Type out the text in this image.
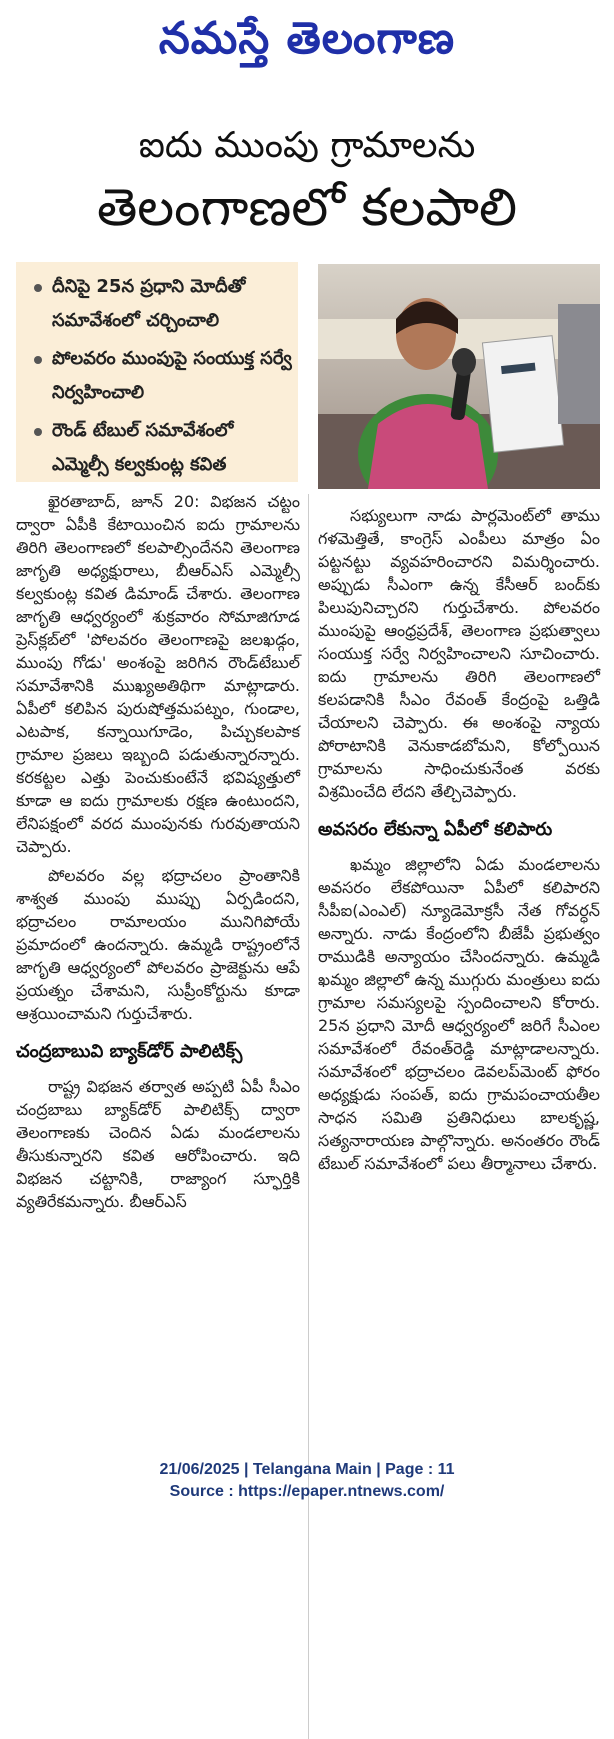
నమస్తే తెలంగాణ
ఐదు ముంపు గ్రామాలను
తెలంగాణలో కలపాలి
దీనిపై 25న ప్రధాని మోదీతో సమావేశంలో చర్చించాలి
పోలవరం ముంపుపై సంయుక్త సర్వే నిర్వహించాలి
రౌండ్ టేబుల్ సమావేశంలో ఎమ్మెల్సీ కల్వకుంట్ల కవిత

ఖైరతాబాద్, జూన్ 20: విభజన చట్టం ద్వారా ఏపీకి కేటాయించిన ఐదు గ్రామాలను తిరిగి తెలంగాణలో కలపాల్సిందేనని తెలంగాణ జాగృతి అధ్యక్షురాలు, బీఆర్ఎస్ ఎమ్మెల్సీ కల్వకుంట్ల కవిత డిమాండ్ చేశారు. తెలంగాణ జాగృతి ఆధ్వర్యంలో శుక్రవారం సోమాజిగూడ ప్రెస్‌క్లబ్‌లో 'పోలవరం తెలంగాణపై జలఖడ్గం, ముంపు గోడు' అంశంపై జరిగిన రౌండ్‌టేబుల్ సమావేశానికి ముఖ్యఅతిథిగా మాట్లాడారు. ఏపీలో కలిపిన పురుషోత్తమపట్నం, గుండాల, ఎటపాక, కన్నాయిగూడెం, పిచ్చుకలపాక గ్రామాల ప్రజలు ఇబ్బంది పడుతున్నారన్నారు. కరకట్టల ఎత్తు పెంచుకుంటేనే భవిష్యత్తులో కూడా ఆ ఐదు గ్రామాలకు రక్షణ ఉంటుందని, లేనిపక్షంలో వరద ముంపునకు గురవుతాయని చెప్పారు.

పోలవరం వల్ల భద్రాచలం ప్రాంతానికి శాశ్వత ముంపు ముప్పు ఏర్పడిందని, భద్రాచలం రామాలయం మునిగిపోయే ప్రమాదంలో ఉందన్నారు. ఉమ్మడి రాష్ట్రంలోనే జాగృతి ఆధ్వర్యంలో పోలవరం ప్రాజెక్టును ఆపే ప్రయత్నం చేశామని, సుప్రీంకోర్టును కూడా ఆశ్రయించామని గుర్తుచేశారు.

చంద్రబాబువి బ్యాక్‌డోర్ పాలిటిక్స్

రాష్ట్ర విభజన తర్వాత అప్పటి ఏపీ సీఎం చంద్రబాబు బ్యాక్‌డోర్ పాలిటిక్స్ ద్వారా తెలంగాణకు చెందిన ఏడు మండలాలను తీసుకున్నారని కవిత ఆరోపించారు. ఇది విభజన చట్టానికి, రాజ్యాంగ స్ఫూర్తికి వ్యతిరేకమన్నారు. బీఆర్ఎస్

సభ్యులుగా నాడు పార్లమెంట్‌లో తాము గళమెత్తితే, కాంగ్రెస్ ఎంపీలు మాత్రం ఏం పట్టనట్టు వ్యవహరించారని విమర్శించారు. అప్పుడు సీఎంగా ఉన్న కేసీఆర్ బంద్‌కు పిలుపునిచ్చారని గుర్తుచేశారు. పోలవరం ముంపుపై ఆంధ్రప్రదేశ్, తెలంగాణ ప్రభుత్వాలు సంయుక్త సర్వే నిర్వహించాలని సూచించారు. ఐదు గ్రామాలను తిరిగి తెలంగాణలో కలపడానికి సీఎం రేవంత్ కేంద్రంపై ఒత్తిడి చేయాలని చెప్పారు. ఈ అంశంపై న్యాయ పోరాటానికి వెనుకాడబోమని, కోల్పోయిన గ్రామాలను సాధించుకునేంత వరకు విశ్రమించేది లేదని తేల్చిచెప్పారు.

అవసరం లేకున్నా ఏపీలో కలిపారు

ఖమ్మం జిల్లాలోని ఏడు మండలాలను అవసరం లేకపోయినా ఏపీలో కలిపారని సీపీఐ(ఎంఎల్) న్యూడెమోక్రసీ నేత గోవర్ధన్ అన్నారు. నాడు కేంద్రంలోని బీజేపీ ప్రభుత్వం రాముడికి అన్యాయం చేసిందన్నారు. ఉమ్మడి ఖమ్మం జిల్లాలో ఉన్న ముగ్గురు మంత్రులు ఐదు గ్రామాల సమస్యలపై స్పందించాలని కోరారు. 25న ప్రధాని మోదీ ఆధ్వర్యంలో జరిగే సీఎంల సమావేశంలో రేవంత్‌రెడ్డి మాట్లాడాలన్నారు. సమావేశంలో భద్రాచలం డెవలప్‌మెంట్ ఫోరం అధ్యక్షుడు సంపత్, ఐదు గ్రామపంచాయతీల సాధన సమితి ప్రతినిధులు బాలకృష్ణ, సత్యనారాయణ పాల్గొన్నారు. అనంతరం రౌండ్ టేబుల్ సమావేశంలో పలు తీర్మానాలు చేశారు.

21/06/2025 | Telangana Main | Page : 11
Source : https://epaper.ntnews.com/
